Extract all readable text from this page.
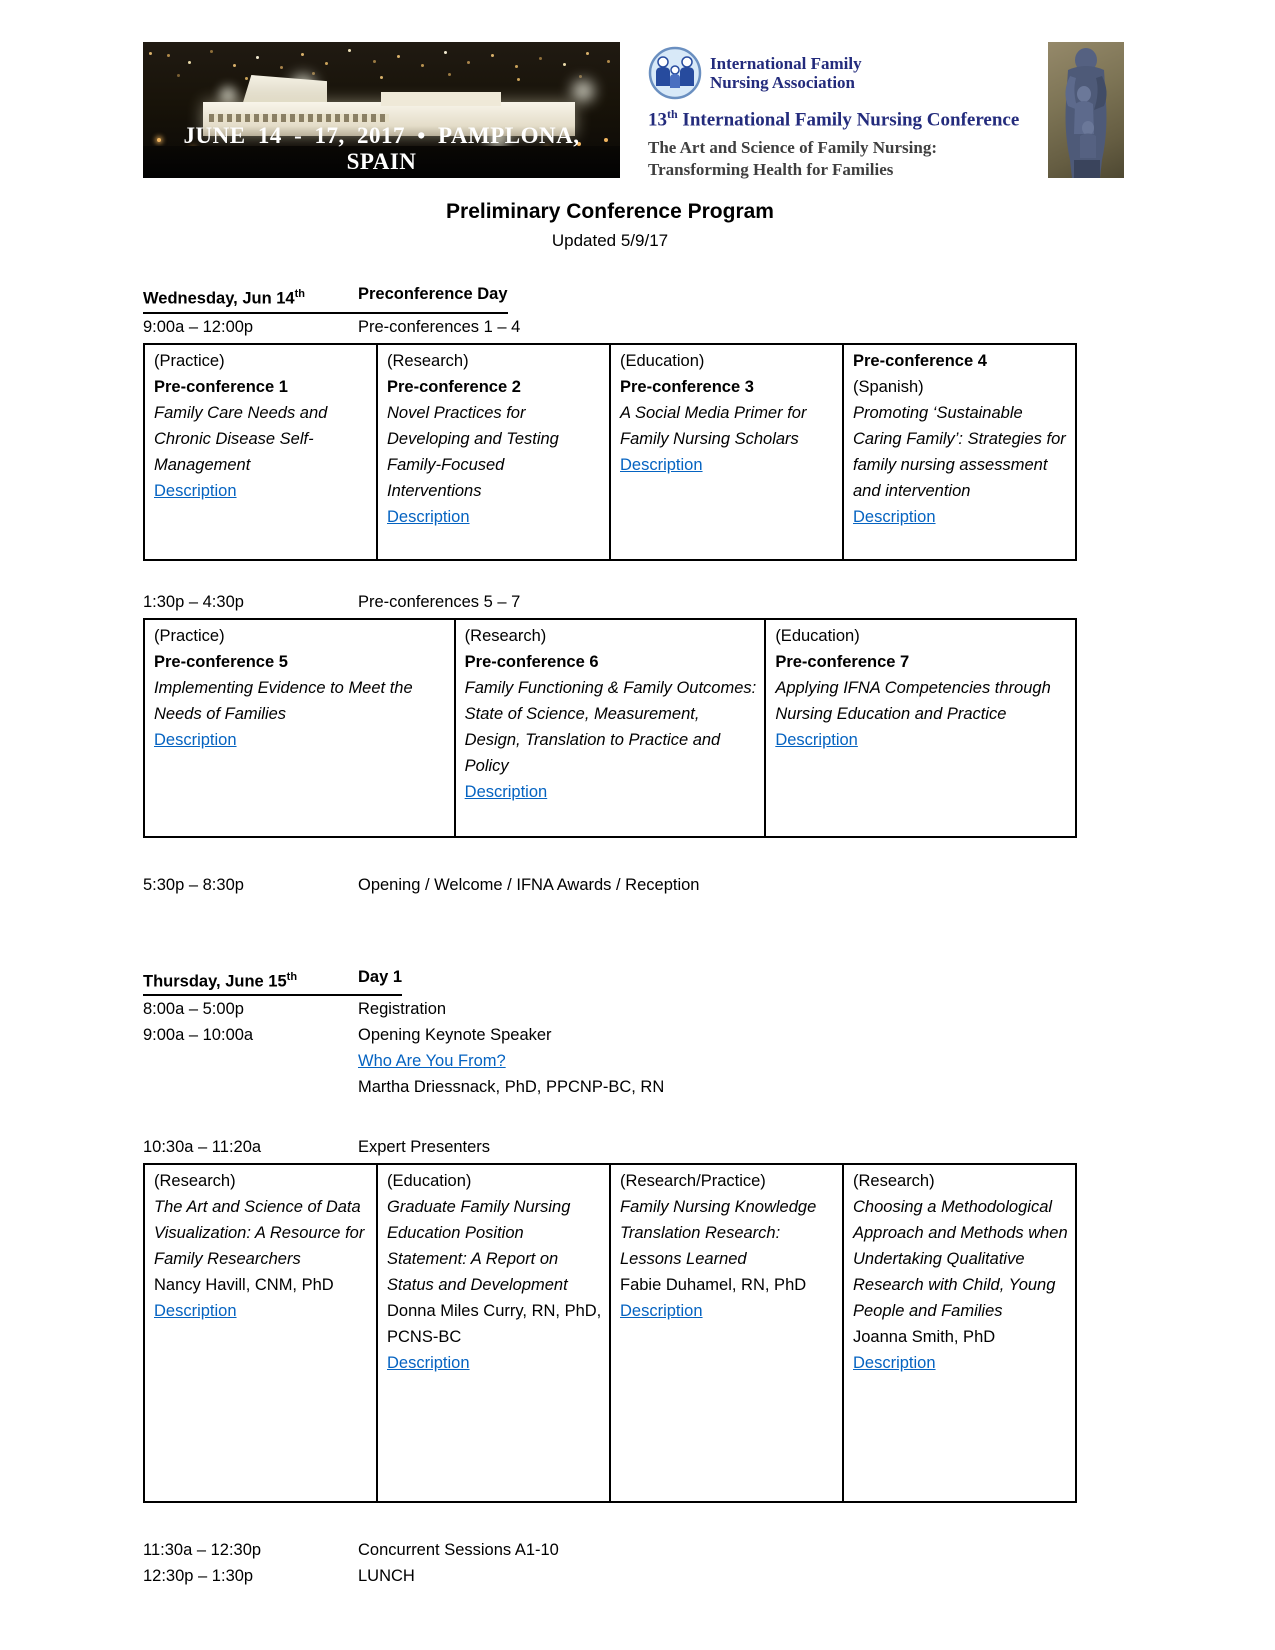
JUNE 14 - 17, 2017 • PAMPLONA, SPAIN
International Family
Nursing Association
13th International Family Nursing Conference
The Art and Science of Family Nursing:
Transforming Health for Families
Preliminary Conference Program
Updated 5/9/17
Wednesday, Jun 14th	Preconference Day
9:00a – 12:00p	Pre-conferences 1 – 4
(Practice)
Pre-conference 1
Family Care Needs and Chronic Disease Self-Management
Description	
(Research)
Pre-conference 2
Novel Practices for Developing and Testing Family-Focused Interventions
Description	
(Education)
Pre-conference 3
A Social Media Primer for Family Nursing Scholars
Description	
Pre-conference 4
(Spanish)
Promoting ‘Sustainable Caring Family’: Strategies for family nursing assessment and intervention
Description
1:30p – 4:30p	Pre-conferences 5 – 7
(Practice)
Pre-conference 5
Implementing Evidence to Meet the Needs of Families
Description	
(Research)
Pre-conference 6
Family Functioning & Family Outcomes: State of Science, Measurement, Design, Translation to Practice and Policy
Description	
(Education)
Pre-conference 7
Applying IFNA Competencies through Nursing Education and Practice
Description
5:30p – 8:30p	Opening / Welcome / IFNA Awards / Reception
Thursday, June 15th	Day 1
8:00a – 5:00p	Registration
9:00a – 10:00a	Opening Keynote Speaker
Who Are You From?
Martha Driessnack, PhD, PPCNP-BC, RN
10:30a – 11:20a	Expert Presenters
(Research)
The Art and Science of Data Visualization: A Resource for Family Researchers
Nancy Havill, CNM, PhD
Description	
(Education)
Graduate Family Nursing Education Position Statement: A Report on Status and Development
Donna Miles Curry, RN, PhD, PCNS-BC
Description	
(Research/Practice)
Family Nursing Knowledge Translation Research: Lessons Learned
Fabie Duhamel, RN, PhD
Description	
(Research)
Choosing a Methodological Approach and Methods when Undertaking Qualitative Research with Child, Young People and Families
Joanna Smith, PhD
Description
11:30a – 12:30p	Concurrent Sessions A1-10
12:30p – 1:30p	LUNCH
